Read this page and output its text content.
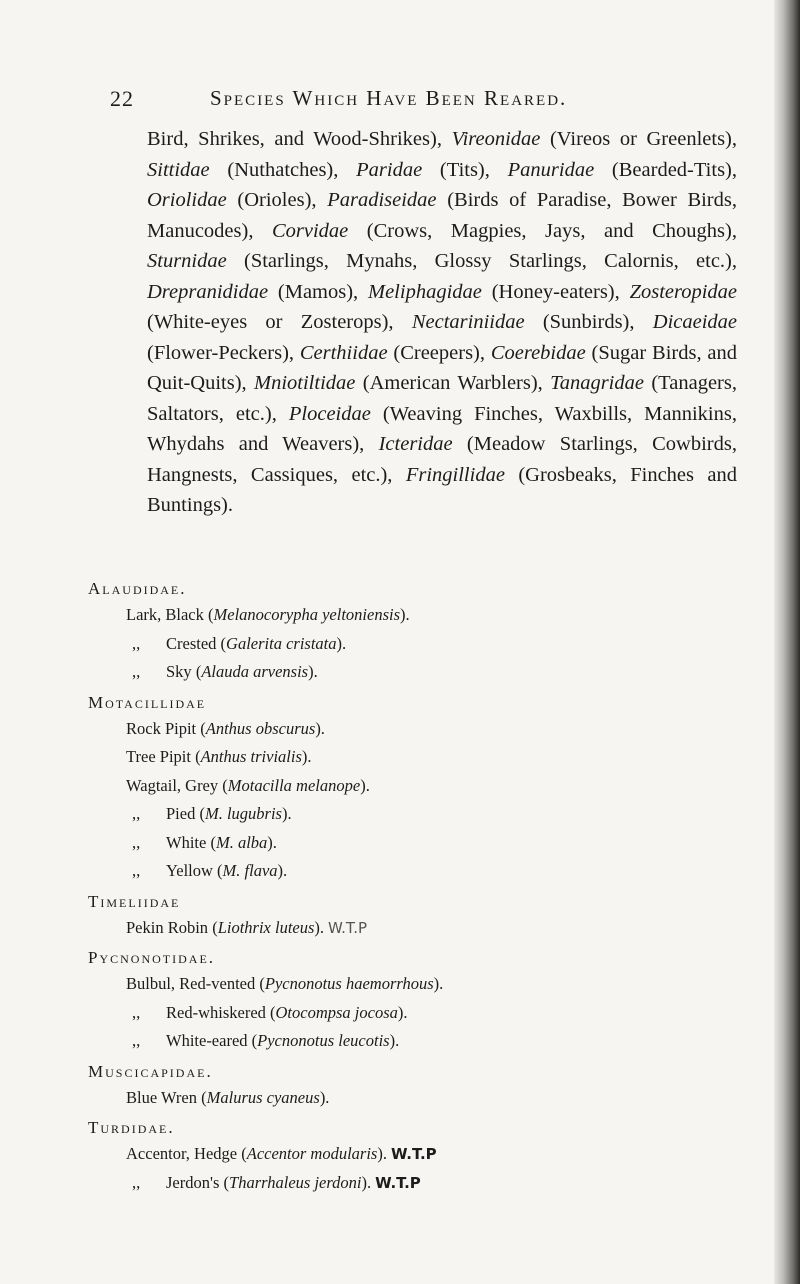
22	Species Which Have Been Reared.
Bird, Shrikes, and Wood-Shrikes), Vireonidae (Vireos or Greenlets), Sittidae (Nuthatches), Paridae (Tits), Panuridae (Bearded-Tits), Oriolidae (Orioles), Paradiseidae (Birds of Paradise, Bower Birds, Manucodes), Corvidae (Crows, Magpies, Jays, and Choughs), Sturnidae (Starlings, Mynahs, Glossy Starlings, Calornis, etc.), Drepranididae (Mamos), Meliphagidae (Honey-eaters), Zosteropidae (White-eyes or Zosterops), Nectariniidae (Sunbirds), Dicaeidae (Flower-Peckers), Certhiidae (Creepers), Coerebidae (Sugar Birds, and Quit-Quits), Mniotiltidae (American Warblers), Tanagridae (Tanagers, Saltators, etc.), Ploceidae (Weaving Finches, Waxbills, Mannikins, Whydahs and Weavers), Icteridae (Meadow Starlings, Cowbirds, Hangnests, Cassiques, etc.), Fringillidae (Grosbeaks, Finches and Buntings).
Alaudidae.
Lark, Black (Melanocorypha yeltoniensis).
,, Crested (Galerita cristata).
,, Sky (Alauda arvensis).
Motacillidae
Rock Pipit (Anthus obscurus).
Tree Pipit (Anthus trivialis).
Wagtail, Grey (Motacilla melanope).
,, Pied (M. lugubris).
,, White (M. alba).
,, Yellow (M. flava).
Timeliidae
Pekin Robin (Liothrix luteus). W.T.P
Pycnonotidae.
Bulbul, Red-vented (Pycnonotus haemorrhous).
,, Red-whiskered (Otocompsa jocosa).
,, White-eared (Pycnonotus leucotis).
Muscicapidae.
Blue Wren (Malurus cyaneus).
Turdidae.
Accentor, Hedge (Accentor modularis). W.T.P
,, Jerdon's (Tharrhaleus jerdoni). W.T.P
